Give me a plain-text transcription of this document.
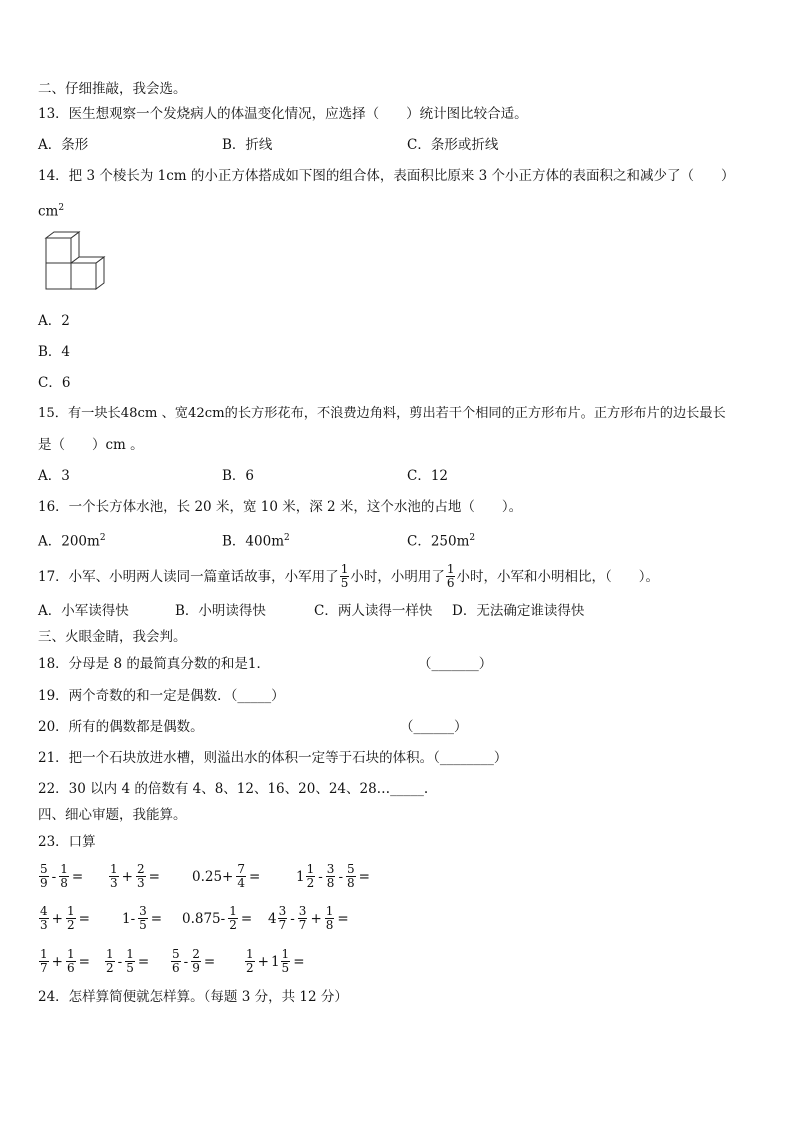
二、仔细推敲，我会选。
13．医生想观察一个发烧病人的体温变化情况，应选择（　　）统计图比较合适。
A．条形	B．折线	C．条形或折线
14．把 3 个棱长为 1cm 的小正方体搭成如下图的组合体，表面积比原来 3 个小正方体的表面积之和减少了（　　）
$cm^2$
A．2
B．4
C．6
15．有一块长48cm 、宽42cm的长方形花布，不浪费边角料，剪出若干个相同的正方形布片。正方形布片的边长最长
是（　　）cm 。
A．3	B．6	C．12
16．一个长方体水池，长 20 米，宽 10 米，深 2 米，这个水池的占地（　　）。
A．$200m^2$	B．$400m^2$	C．$250m^2$
17．小军、小明两人读同一篇童话故事，小军用了 $\frac{1}{5}$ 小时，小明用了 $\frac{1}{6}$ 小时，小军和小明相比，（　　）。
A．小军读得快	B．小明读得快	C．两人读得一样快 D．无法确定谁读得快
三、火眼金睛，我会判。
18．分母是 8 的最简真分数的和是1．	（_______）
19．两个奇数的和一定是偶数．（_____）
20．所有的偶数都是偶数。	（______）
21．把一个石块放进水槽，则溢出水的体积一定等于石块的体积。（________）
22．30 以内 4 的倍数有 4、8、12、16、20、24、28…_____.
四、细心审题，我能算。
23．口算
$\frac{5}{9} - \frac{1}{8} = \frac{1}{3} + \frac{2}{3} = 0.25+ \frac{7}{4}$ =	$1 \frac{1}{2} - \frac{3}{8} - \frac{5}{8}$ =
$\frac{4}{3} + \frac{1}{2} = 1- \frac{3}{5} = 0.875- \frac{1}{2} = 4 \frac{3}{7} - \frac{3}{7} + \frac{1}{8}$ =
$\frac{1}{7} + \frac{1}{6} = \frac{1}{2} - \frac{1}{5} = \frac{5}{6} - \frac{2}{9} = \frac{1}{2} + 1 \frac{1}{5}$ =
24．怎样算简便就怎样算。（每题 3 分，共 12 分）
